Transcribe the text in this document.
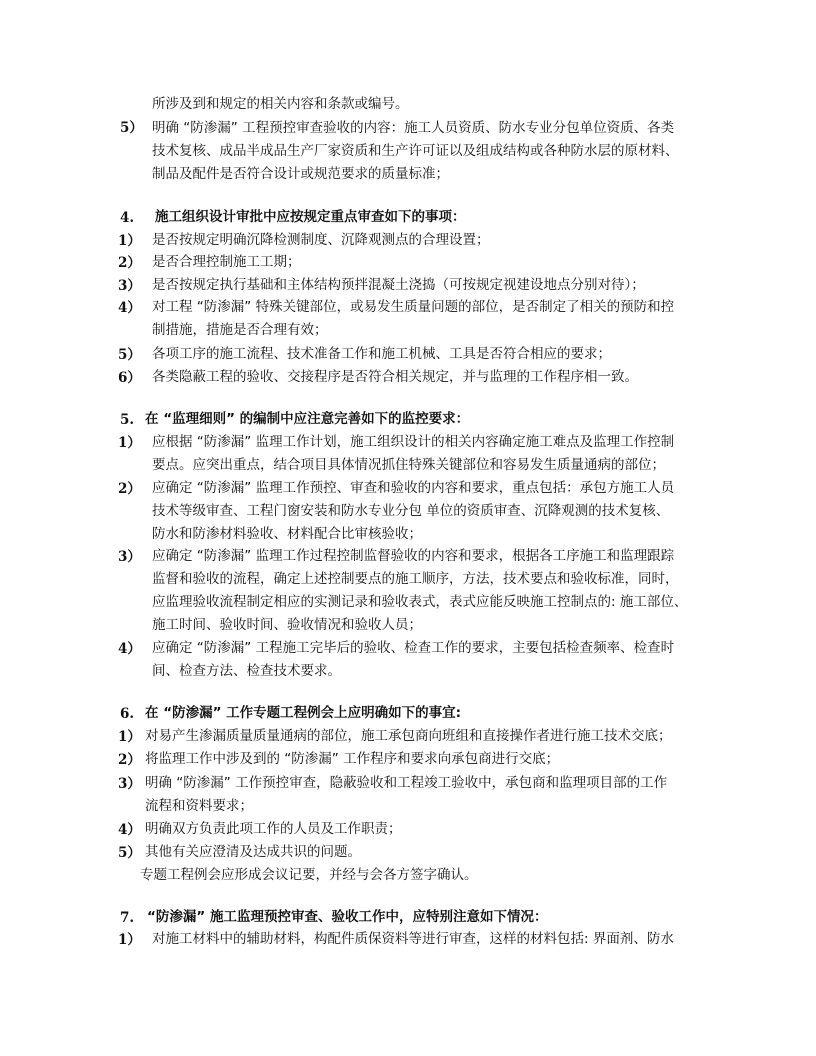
所涉及到和规定的相关内容和条款或编号。
5） 明确 “防渗漏” 工程预控审查验收的内容：施工人员资质、防水专业分包单位资质、各类
技术复核、成品半成品生产厂家资质和生产许可证以及组成结构或各种防水层的原材料、
制品及配件是否符合设计或规范要求的质量标准；
4. 施工组织设计审批中应按规定重点审查如下的事项：
1） 是否按规定明确沉降检测制度、沉降观测点的合理设置；
2） 是否合理控制施工工期；
3） 是否按规定执行基础和主体结构预拌混凝土浇捣（可按规定视建设地点分别对待）；
4） 对工程 “防渗漏” 特殊关键部位，或易发生质量问题的部位，是否制定了相关的预防和控
制措施，措施是否合理有效；
5） 各项工序的施工流程、技术准备工作和施工机械、工具是否符合相应的要求；
6） 各类隐蔽工程的验收、交接程序是否符合相关规定，并与监理的工作程序相一致。
5. 在 “监理细则” 的编制中应注意完善如下的监控要求：
1） 应根据 “防渗漏” 监理工作计划，施工组织设计的相关内容确定施工难点及监理工作控制
要点。应突出重点，结合项目具体情况抓住特殊关键部位和容易发生质量通病的部位；
2） 应确定 “防渗漏” 监理工作预控、审查和验收的内容和要求，重点包括：承包方施工人员
技术等级审查、工程门窗安装和防水专业分包 单位的资质审查、沉降观测的技术复核、
防水和防渗材料验收、材料配合比审核验收；
3） 应确定 “防渗漏” 监理工作过程控制监督验收的内容和要求，根据各工序施工和监理跟踪
监督和验收的流程，确定上述控制要点的施工顺序，方法，技术要点和验收标准，同时，
应监理验收流程制定相应的实测记录和验收表式，表式应能反映施工控制点的: 施工部位、
施工时间、验收时间、验收情况和验收人员；
4） 应确定 “防渗漏” 工程施工完毕后的验收、检查工作的要求，主要包括检查频率、检查时
间、检查方法、检查技术要求。
6. 在 “防渗漏” 工作专题工程例会上应明确如下的事宜:
1） 对易产生渗漏质量质量通病的部位，施工承包商向班组和直接操作者进行施工技术交底；
2） 将监理工作中涉及到的 “防渗漏” 工作程序和要求向承包商进行交底；
3） 明确 “防渗漏” 工作预控审查，隐蔽验收和工程竣工验收中，承包商和监理项目部的工作
流程和资料要求；
4） 明确双方负责此项工作的人员及工作职责；
5） 其他有关应澄清及达成共识的问题。
专题工程例会应形成会议记要，并经与会各方签字确认。
7. “防渗漏” 施工监理预控审查、验收工作中，应特别注意如下情况：
1） 对施工材料中的辅助材料，构配件质保资料等进行审查，这样的材料包括: 界面剂、防水
